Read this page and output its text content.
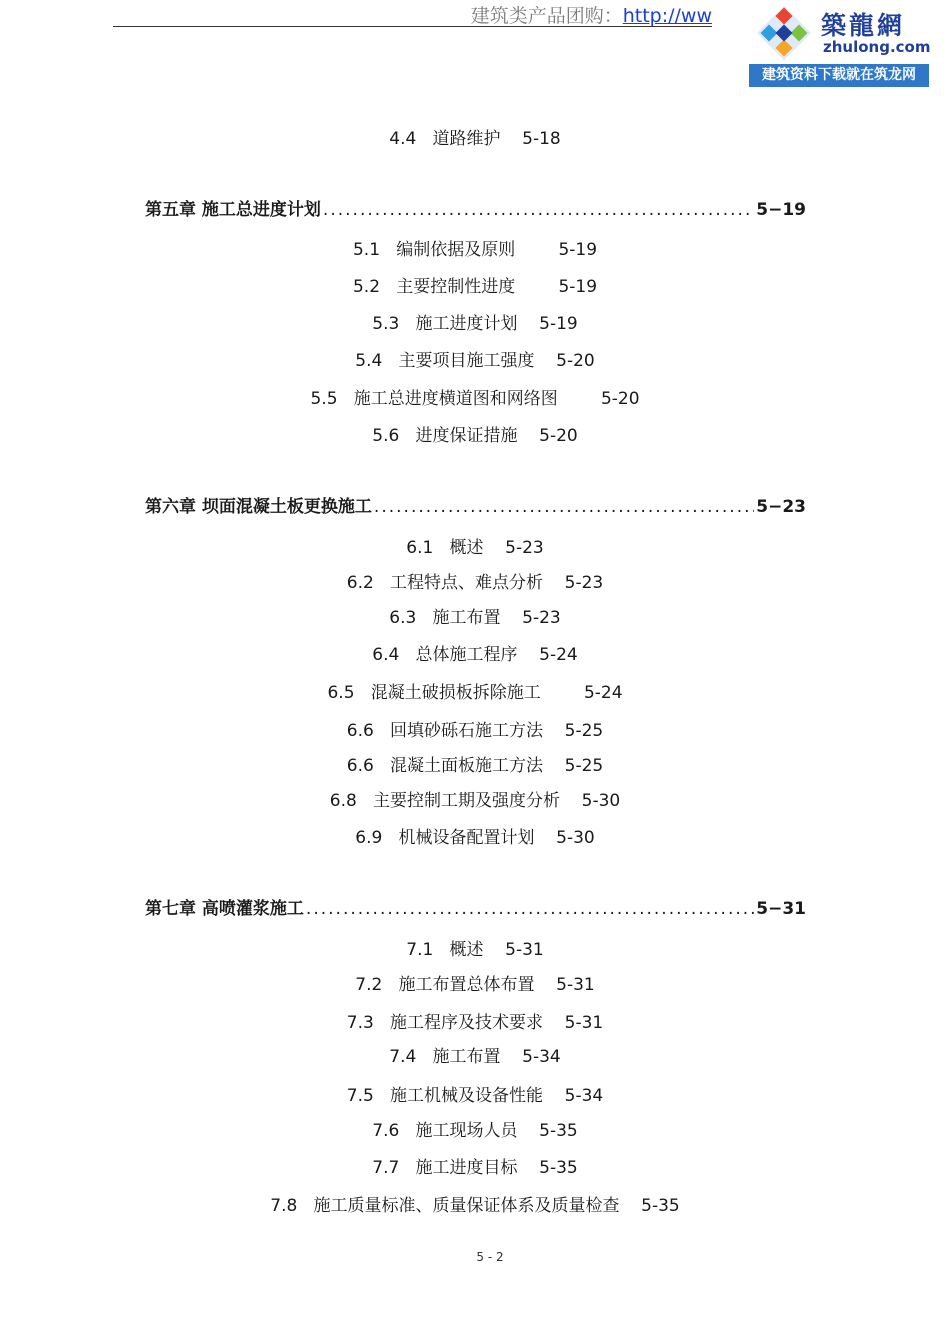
建筑类产品团购：http://ww	築龍網
zhulong.com
建筑资料下载就在筑龙网
4.4   道路维护    5-18
第五章 施工总进度计划 .....	5−19
5.1   编制依据及原则        5-19
5.2   主要控制性进度        5-19
5.3   施工进度计划    5-19
5.4   主要项目施工强度    5-20
5.5   施工总进度横道图和网络图        5-20
5.6   进度保证措施    5-20
第六章 坝面混凝土板更换施工 .....	5−23
6.1   概述    5-23
6.2   工程特点、难点分析    5-23
6.3   施工布置    5-23
6.4   总体施工程序    5-24
6.5   混凝土破损板拆除施工        5-24
6.6   回填砂砾石施工方法    5-25
6.6   混凝土面板施工方法    5-25
6.8   主要控制工期及强度分析    5-30
6.9   机械设备配置计划    5-30
第七章 高喷灌浆施工 .....	5−31
7.1   概述    5-31
7.2   施工布置总体布置    5-31
7.3   施工程序及技术要求    5-31
7.4   施工布置    5-34
7.5   施工机械及设备性能    5-34
7.6   施工现场人员    5-35
7.7   施工进度目标    5-35
7.8   施工质量标准、质量保证体系及质量检查    5-35
5 - 2
